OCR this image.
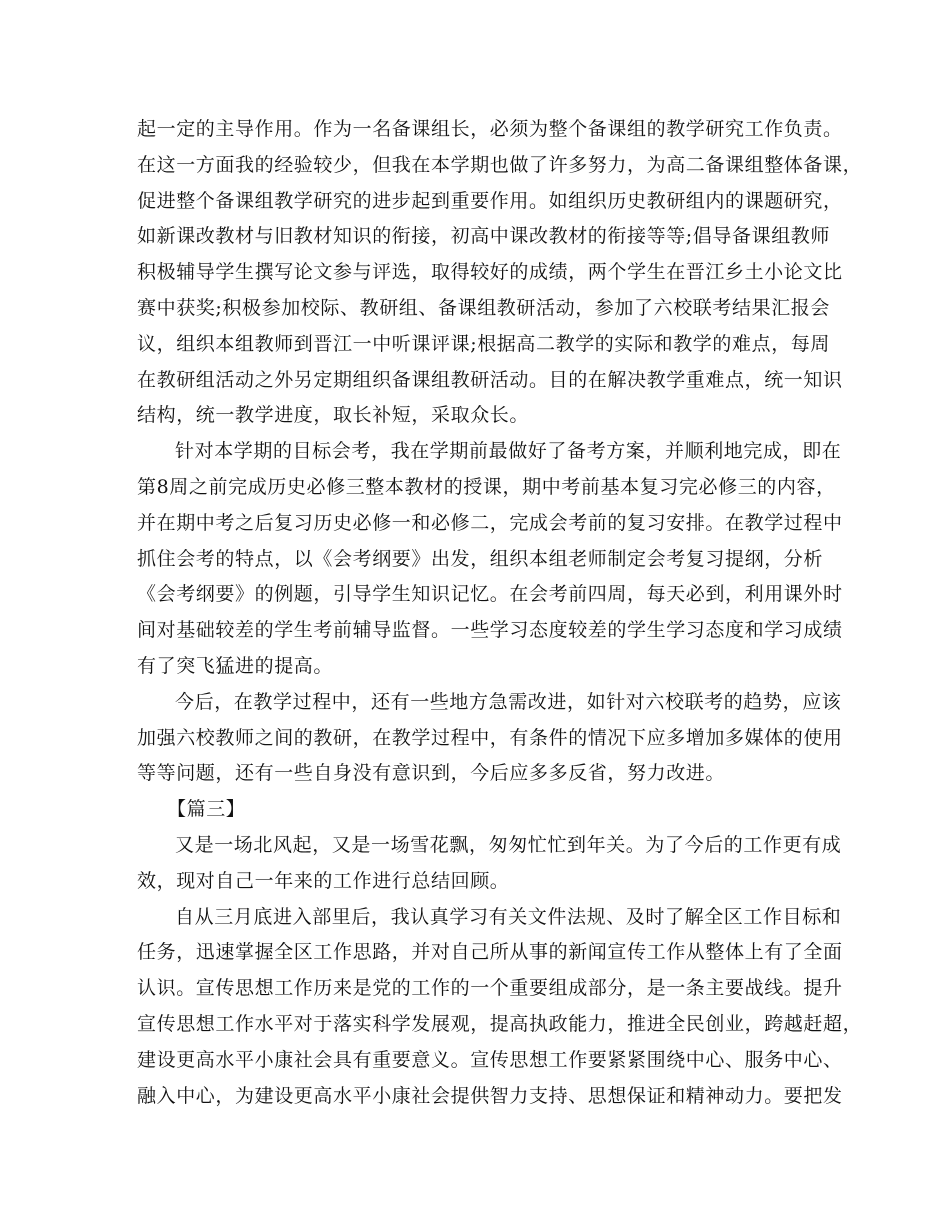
起一定的主导作用。作为一名备课组长，必须为整个备课组的教学研究工作负责。
在这一方面我的经验较少，但我在本学期也做了许多努力，为高二备课组整体备课，
促进整个备课组教学研究的进步起到重要作用。如组织历史教研组内的课题研究，
如新课改教材与旧教材知识的衔接，初高中课改教材的衔接等等;倡导备课组教师
积极辅导学生撰写论文参与评选，取得较好的成绩，两个学生在晋江乡土小论文比
赛中获奖;积极参加校际、教研组、备课组教研活动，参加了六校联考结果汇报会
议，组织本组教师到晋江一中听课评课;根据高二教学的实际和教学的难点，每周
在教研组活动之外另定期组织备课组教研活动。目的在解决教学重难点，统一知识
结构，统一教学进度，取长补短，采取众长。
针对本学期的目标会考，我在学期前最做好了备考方案，并顺利地完成，即在
第8周之前完成历史必修三整本教材的授课，期中考前基本复习完必修三的内容，
并在期中考之后复习历史必修一和必修二，完成会考前的复习安排。在教学过程中
抓住会考的特点，以《会考纲要》出发，组织本组老师制定会考复习提纲，分析
《会考纲要》的例题，引导学生知识记忆。在会考前四周，每天必到，利用课外时
间对基础较差的学生考前辅导监督。一些学习态度较差的学生学习态度和学习成绩
有了突飞猛进的提高。
今后，在教学过程中，还有一些地方急需改进，如针对六校联考的趋势，应该
加强六校教师之间的教研，在教学过程中，有条件的情况下应多增加多媒体的使用
等等问题，还有一些自身没有意识到，今后应多多反省，努力改进。
【篇三】
又是一场北风起，又是一场雪花飘，匆匆忙忙到年关。为了今后的工作更有成
效，现对自己一年来的工作进行总结回顾。
自从三月底进入部里后，我认真学习有关文件法规、及时了解全区工作目标和
任务，迅速掌握全区工作思路，并对自己所从事的新闻宣传工作从整体上有了全面
认识。宣传思想工作历来是党的工作的一个重要组成部分，是一条主要战线。提升
宣传思想工作水平对于落实科学发展观，提高执政能力，推进全民创业，跨越赶超，
建设更高水平小康社会具有重要意义。宣传思想工作要紧紧围绕中心、服务中心、
融入中心，为建设更高水平小康社会提供智力支持、思想保证和精神动力。要把发
